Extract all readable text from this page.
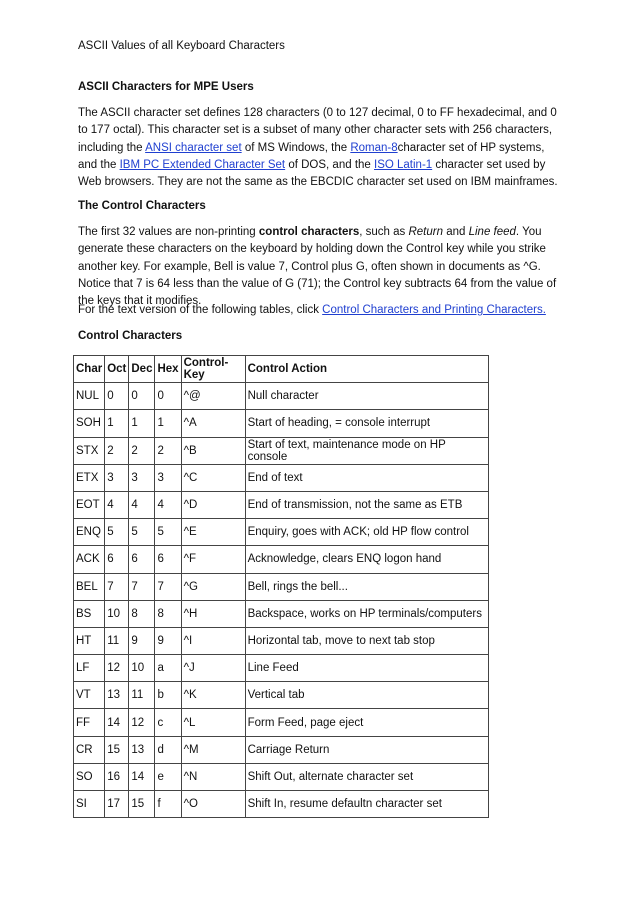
ASCII Values of all Keyboard Characters
ASCII Characters for MPE Users
The ASCII character set defines 128 characters (0 to 127 decimal, 0 to FF hexadecimal, and 0 to 177 octal). This character set is a subset of many other character sets with 256 characters, including the ANSI character set of MS Windows, the Roman-8character set of HP systems, and the IBM PC Extended Character Set of DOS, and the ISO Latin-1 character set used by Web browsers. They are not the same as the EBCDIC character set used on IBM mainframes.
The Control Characters
The first 32 values are non-printing control characters, such as Return and Line feed. You generate these characters on the keyboard by holding down the Control key while you strike another key. For example, Bell is value 7, Control plus G, often shown in documents as ^G. Notice that 7 is 64 less than the value of G (71); the Control key subtracts 64 from the value of the keys that it modifies.
For the text version of the following tables, click Control Characters and Printing Characters.
Control Characters
Char	Oct	Dec	Hex	Control-Key	Control Action
NUL	0	0	0	^@	Null character
SOH	1	1	1	^A	Start of heading, = console interrupt
STX	2	2	2	^B	Start of text, maintenance mode on HP console
ETX	3	3	3	^C	End of text
EOT	4	4	4	^D	End of transmission, not the same as ETB
ENQ	5	5	5	^E	Enquiry, goes with ACK; old HP flow control
ACK	6	6	6	^F	Acknowledge, clears ENQ logon hand
BEL	7	7	7	^G	Bell, rings the bell...
BS	10	8	8	^H	Backspace, works on HP terminals/computers
HT	11	9	9	^I	Horizontal tab, move to next tab stop
LF	12	10	a	^J	Line Feed
VT	13	11	b	^K	Vertical tab
FF	14	12	c	^L	Form Feed, page eject
CR	15	13	d	^M	Carriage Return
SO	16	14	e	^N	Shift Out, alternate character set
SI	17	15	f	^O	Shift In, resume defaultn character set
